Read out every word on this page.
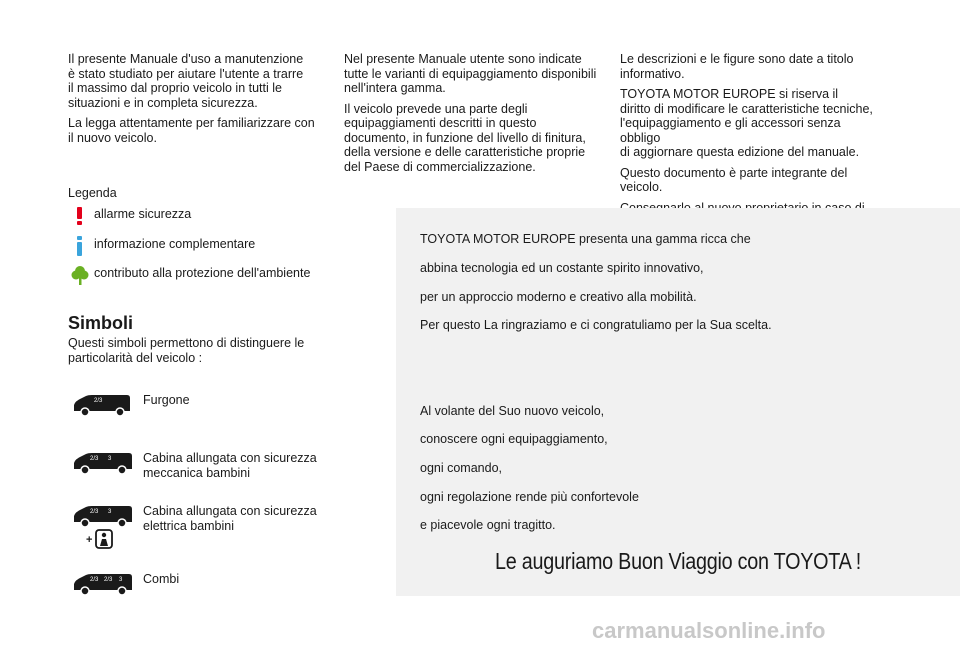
Il presente Manuale d'uso a manutenzione
è stato studiato per aiutare l'utente a trarre
il massimo dal proprio veicolo in tutti le
situazioni e in completa sicurezza.

La legga attentamente per familiarizzare con
il nuovo veicolo.

Nel presente Manuale utente sono indicate
tutte le varianti di equipaggiamento disponibili
nell'intera gamma.

Il veicolo prevede una parte degli
equipaggiamenti descritti in questo
documento, in funzione del livello di finitura,
della versione e delle caratteristiche proprie
del Paese di commercializzazione.

Le descrizioni e le figure sono date a titolo
informativo.

TOYOTA MOTOR EUROPE si riserva il
diritto di modificare le caratteristiche tecniche,
l'equipaggiamento e gli accessori senza obbligo
di aggiornare questa edizione del manuale.

Questo documento è parte integrante del
veicolo.

Legenda
allarme sicurezza
informazione complementare
contributo alla protezione dell'ambiente
Simboli
Questi simboli permettono di distinguere le
particolarità del veicolo :
2/3	Furgone
2/3 3	Cabina allungata con sicurezza
meccanica bambini
2/3 3
+
Cabina allungata con sicurezza
elettrica bambini
2/3 2/3 3 Combi
TOYOTA MOTOR EUROPE presenta una gamma ricca che
abbina tecnologia ed un costante spirito innovativo,
per un approccio moderno e creativo alla mobilità.
Per questo La ringraziamo e ci congratuliamo per la Sua scelta.
Al volante del Suo nuovo veicolo,
conoscere ogni equipaggiamento,
ogni comando,
ogni regolazione rende più confortevole
e piacevole ogni tragitto.
Le auguriamo Buon Viaggio con TOYOTA !
carmanualsonline.info
